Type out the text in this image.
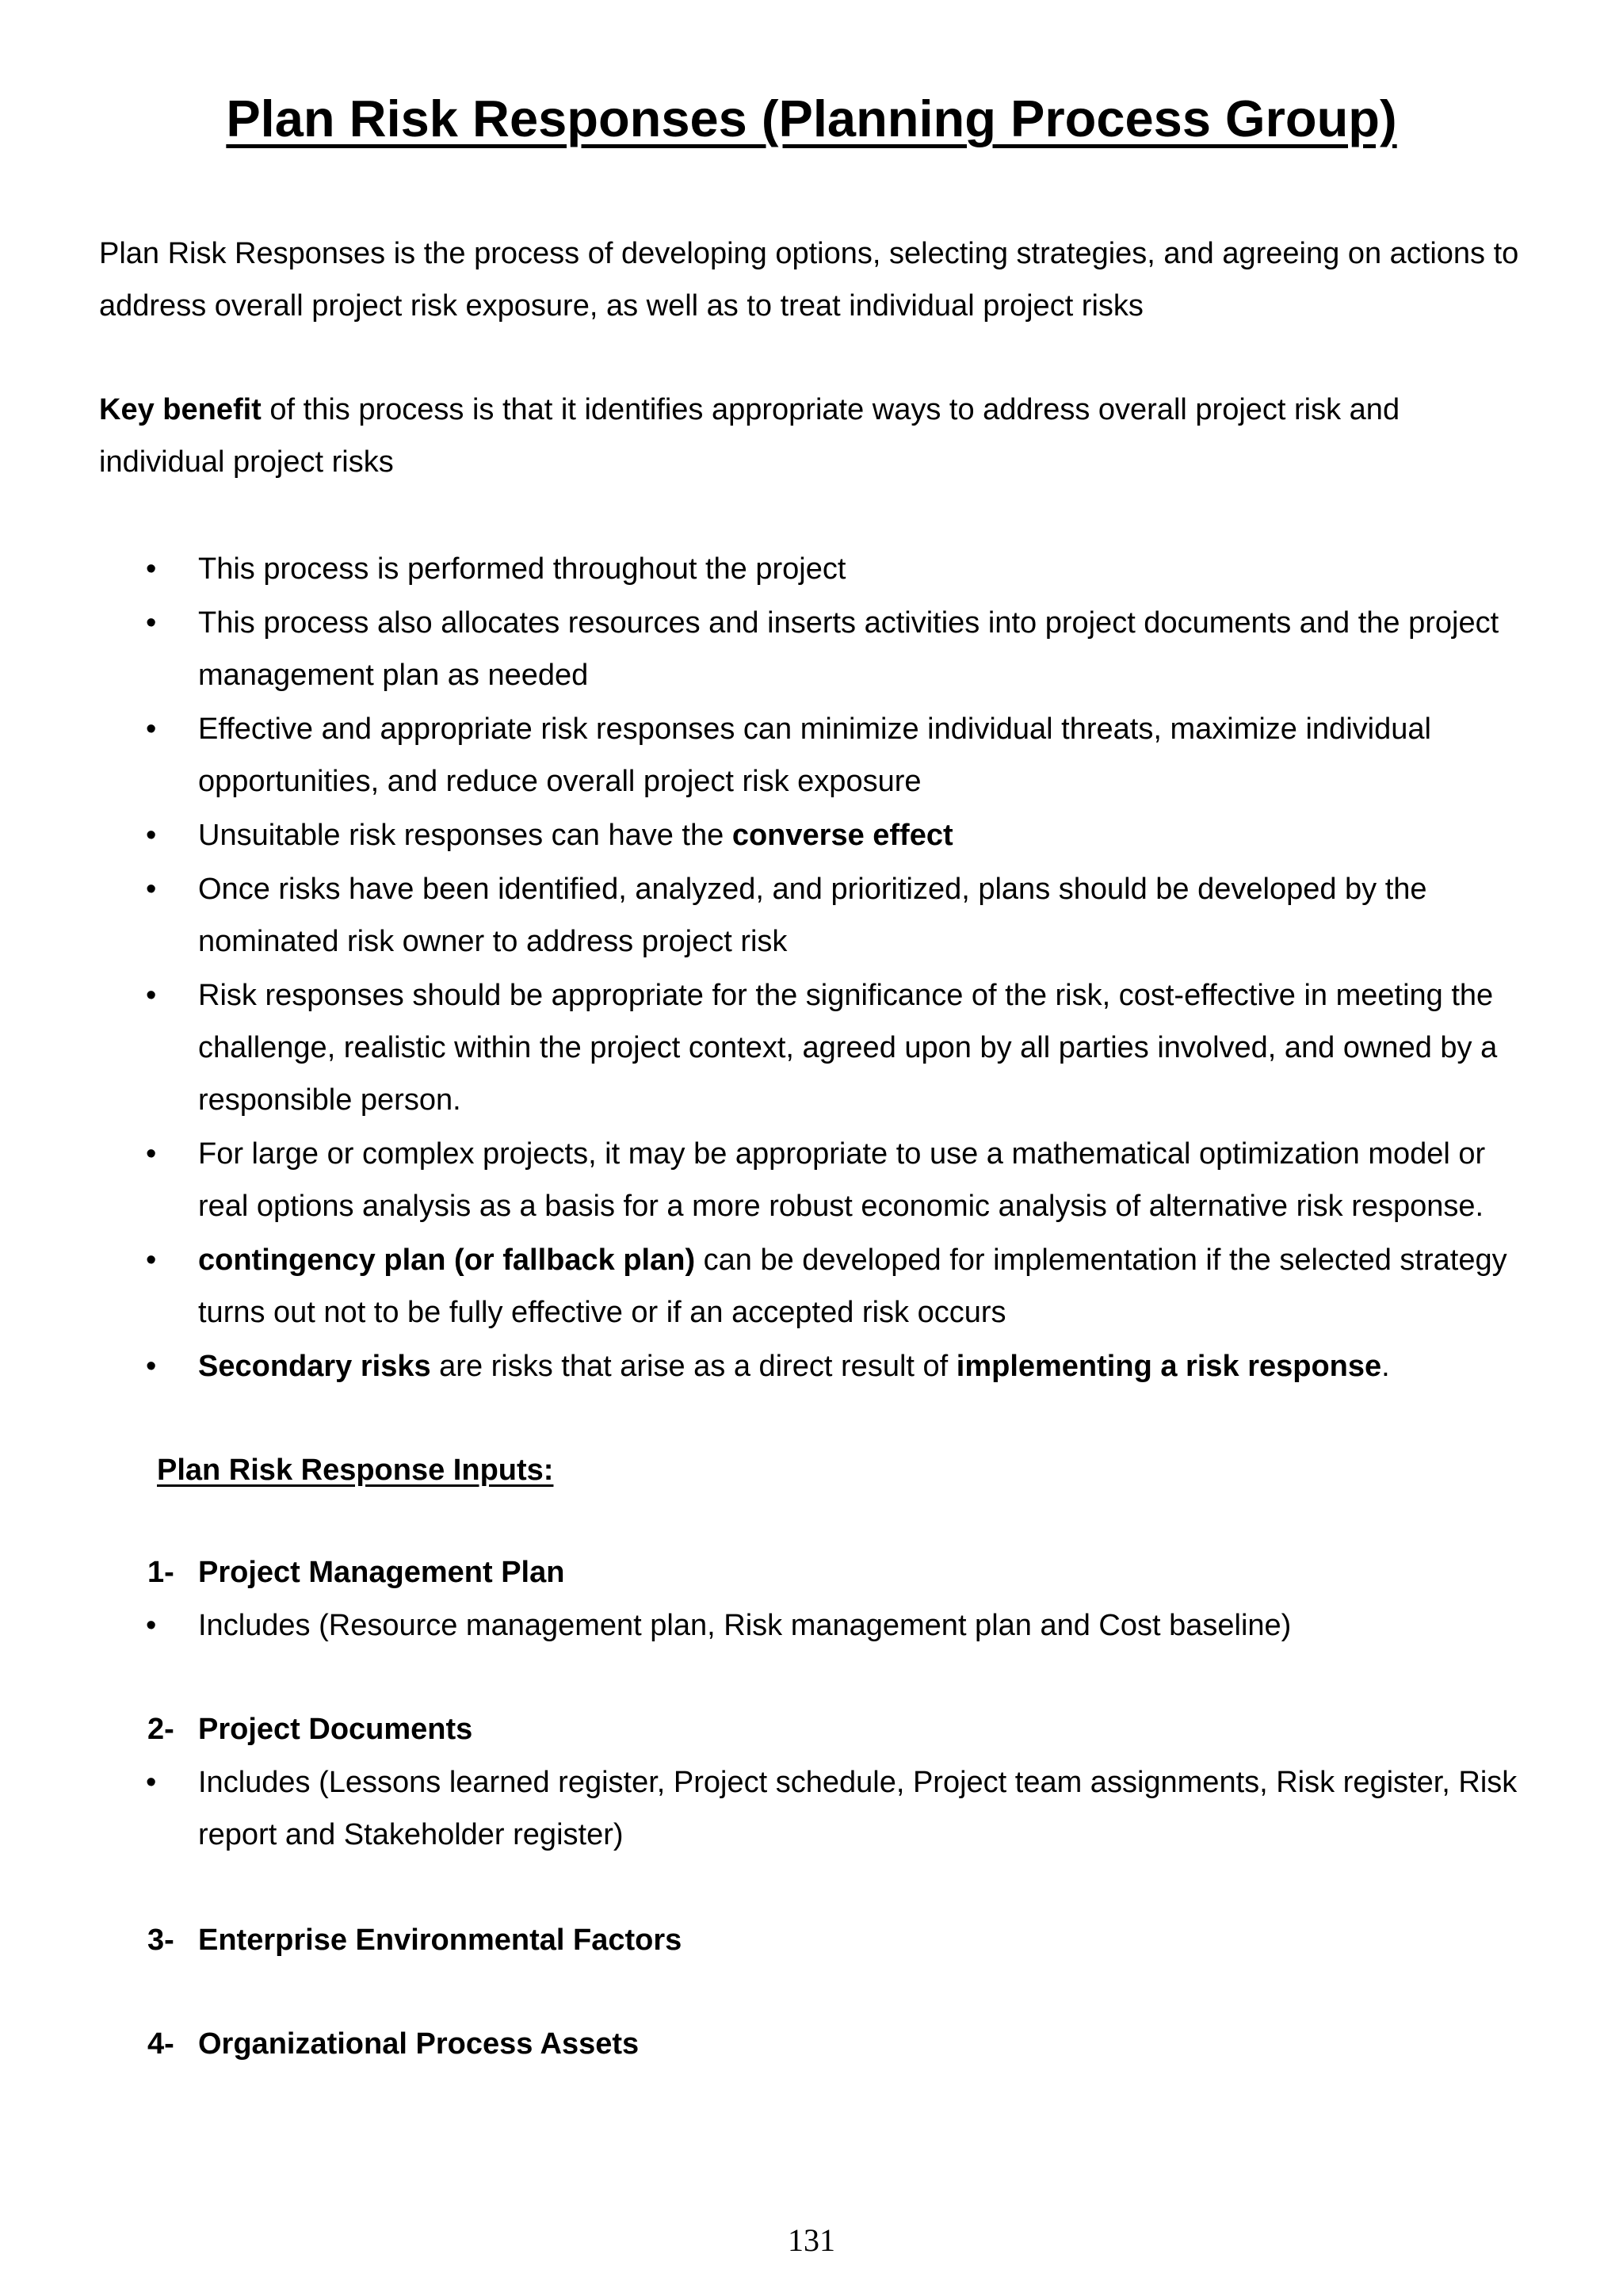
Plan Risk Responses (Planning Process Group)

Plan Risk Responses is the process of developing options, selecting strategies, and agreeing on actions to address overall project risk exposure, as well as to treat individual project risks

Key benefit of this process is that it identifies appropriate ways to address overall project risk and individual project risks

• This process is performed throughout the project
• This process also allocates resources and inserts activities into project documents and the project management plan as needed
• Effective and appropriate risk responses can minimize individual threats, maximize individual opportunities, and reduce overall project risk exposure
• Unsuitable risk responses can have the converse effect
• Once risks have been identified, analyzed, and prioritized, plans should be developed by the nominated risk owner to address project risk
• Risk responses should be appropriate for the significance of the risk, cost-effective in meeting the challenge, realistic within the project context, agreed upon by all parties involved, and owned by a responsible person.
• For large or complex projects, it may be appropriate to use a mathematical optimization model or real options analysis as a basis for a more robust economic analysis of alternative risk response.
• contingency plan (or fallback plan) can be developed for implementation if the selected strategy turns out not to be fully effective or if an accepted risk occurs
• Secondary risks are risks that arise as a direct result of implementing a risk response.

Plan Risk Response Inputs:

1- Project Management Plan
• Includes (Resource management plan, Risk management plan and Cost baseline)
2- Project Documents
• Includes (Lessons learned register, Project schedule, Project team assignments, Risk register, Risk report and Stakeholder register)
3- Enterprise Environmental Factors
4- Organizational Process Assets

131
